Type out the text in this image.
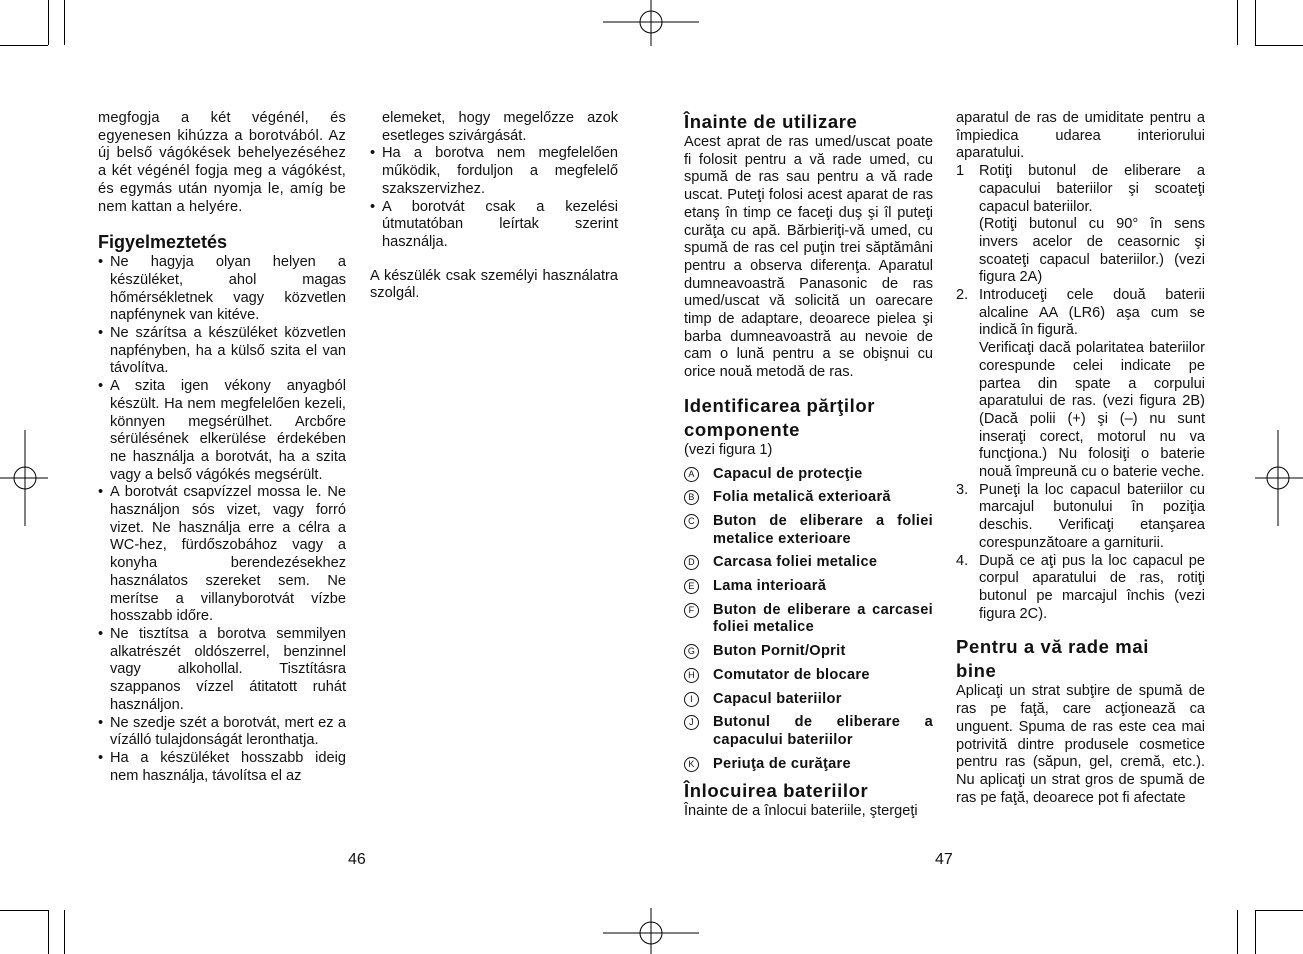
megfogja a két végénél, és egyenesen kihúzza a borotvából. Az új belső vágókések behelyezéséhez a két végénél fogja meg a vágókést, és egymás után nyomja le, amíg be nem kattan a helyére.

Figyelmeztetés
• Ne hagyja olyan helyen a készüléket, ahol magas hőmérsékletnek vagy közvetlen napfénynek van kitéve.
• Ne szárítsa a készüléket közvetlen napfényben, ha a külső szita el van távolítva.
• A szita igen vékony anyagból készült. Ha nem megfelelően kezeli, könnyen megsérülhet. Arcbőre sérülésének elkerülése érdekében ne használja a borotvát, ha a szita vagy a belső vágókés megsérült.
• A borotvát csapvízzel mossa le. Ne használjon sós vizet, vagy forró vizet. Ne használja erre a célra a WC-hez, fürdőszobához vagy a konyha berendezésekhez használatos szereket sem. Ne merítse a villanyborotvát vízbe hosszabb időre.
• Ne tisztítsa a borotva semmilyen alkatrészét oldószerrel, benzinnel vagy alkohollal. Tisztításra szappanos vízzel átitatott ruhát használjon.
• Ne szedje szét a borotvát, mert ez a vízálló tulajdonságát leronthatja.
• Ha a készüléket hosszabb ideig nem használja, távolítsa el az

elemeket, hogy megelőzze azok esetleges szivárgását.

• Ha a borotva nem megfelelően működik, forduljon a megfelelő szakszervizhez.
• A borotvát csak a kezelési útmutatóban leírtak szerint használja.

A készülék csak személyi használatra szolgál.

46
Înainte de utilizare

Acest aprat de ras umed/uscat poate fi folosit pentru a vă rade umed, cu spumă de ras sau pentru a vă rade uscat. Puteţi folosi acest aparat de ras etanş în timp ce faceţi duş şi îl puteţi curăţa cu apă. Bărbieriţi-vă umed, cu spumă de ras cel puţin trei săptămâni pentru a observa diferenţa. Aparatul dumneavoastră Panasonic de ras umed/uscat vă solicită un oarecare timp de adaptare, deoarece pielea şi barba dumneavoastră au nevoie de cam o lună pentru a se obişnui cu orice nouă metodă de ras.

Identificarea părţilor componente

(vezi figura 1)

A Capacul de protecţie
B Folia metalică exterioară
C Buton de eliberare a foliei metalice exterioare
D Carcasa foliei metalice
E Lama interioară
F	Buton de eliberare a carcasei foliei metalice
G Buton Pornit/Oprit
H Comutator de blocare
I	Capacul bateriilor
J	Butonul de eliberare a capacului bateriilor
K Periuţa de curăţare
Înlocuirea bateriilor

Înainte de a înlocui bateriile, ştergeţi

aparatul de ras de umiditate pentru a împiedica udarea interiorului aparatului.

1 Rotiţi butonul de eliberare a capacului bateriilor şi scoateţi capacul bateriilor.
(Rotiţi butonul cu 90° în sens invers acelor de ceasornic şi scoateţi capacul bateriilor.) (vezi figura 2A)
2. Introduceţi cele două baterii alcaline AA (LR6) aşa cum se indică în figură.
Verificaţi dacă polaritatea bateriilor corespunde celei indicate pe partea din spate a corpului aparatului de ras. (vezi figura 2B) (Dacă polii (+) şi (–) nu sunt inseraţi corect, motorul nu va funcţiona.) Nu folosiţi o baterie nouă împreună cu o baterie veche.
3. Puneţi la loc capacul bateriilor cu marcajul butonului în poziţia deschis. Verificaţi etanşarea corespunzătoare a garniturii.
4. După ce aţi pus la loc capacul pe corpul aparatului de ras, rotiţi butonul pe marcajul închis (vezi figura 2C).
Pentru a vă rade mai bine

Aplicaţi un strat subţire de spumă de ras pe faţă, care acţionează ca unguent. Spuma de ras este cea mai potrivită dintre produsele cosmetice pentru ras (săpun, gel, cremă, etc.). Nu aplicaţi un strat gros de spumă de ras pe faţă, deoarece pot fi afectate

47
